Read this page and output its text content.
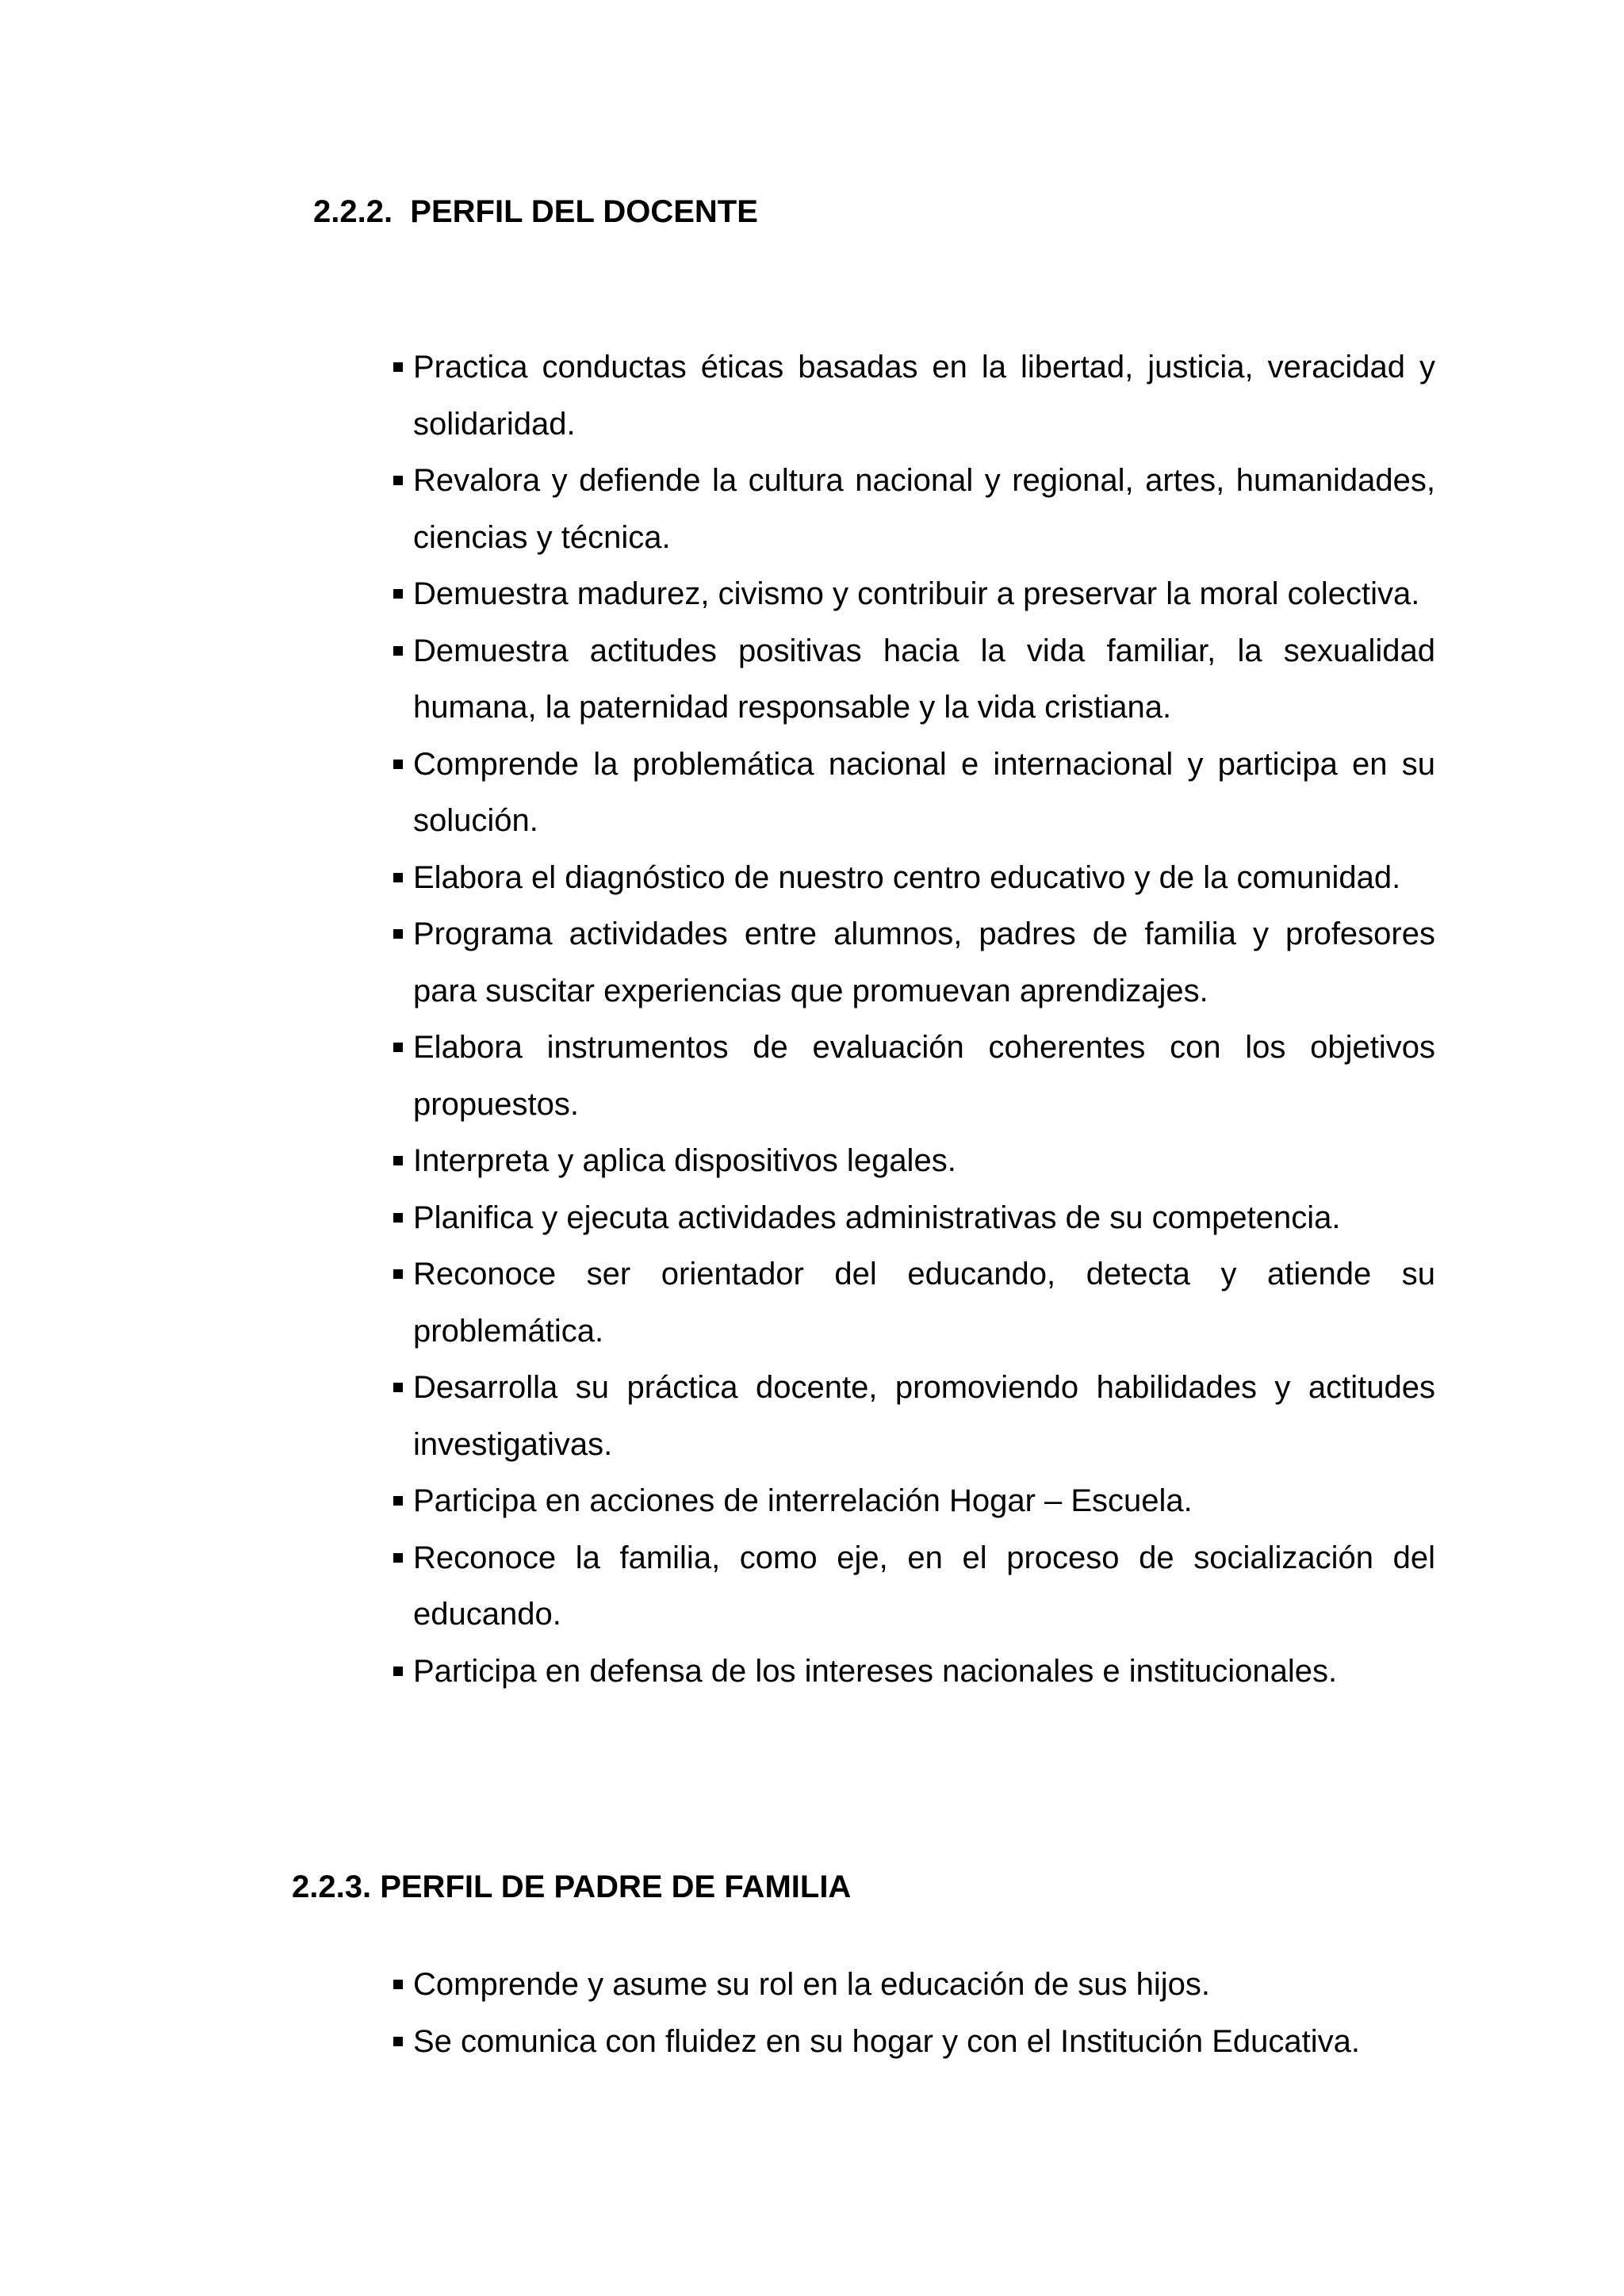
2.2.2.  PERFIL DEL DOCENTE
Practica conductas éticas basadas en la libertad, justicia, veracidad y solidaridad.
Revalora y defiende la cultura nacional y regional, artes, humanidades, ciencias y técnica.
Demuestra madurez, civismo y contribuir a preservar la moral colectiva.
Demuestra actitudes positivas hacia la vida familiar, la sexualidad humana, la paternidad responsable y la vida cristiana.
Comprende la problemática nacional e internacional y participa en su solución.
Elabora el diagnóstico de nuestro centro educativo y de la comunidad.
Programa actividades entre alumnos, padres de familia y profesores para suscitar experiencias que promuevan aprendizajes.
Elabora instrumentos de evaluación coherentes con los objetivos propuestos.
Interpreta y aplica dispositivos legales.
Planifica y ejecuta actividades administrativas de su competencia.
Reconoce ser orientador del educando, detecta y atiende su problemática.
Desarrolla su práctica docente, promoviendo habilidades y actitudes investigativas.
Participa en acciones de interrelación Hogar – Escuela.
Reconoce la familia, como eje, en el proceso de socialización del educando.
Participa en defensa de los intereses nacionales e institucionales.
2.2.3. PERFIL DE PADRE DE FAMILIA
Comprende y asume su rol en la educación de sus hijos.
Se comunica con fluidez en su hogar y con el Institución Educativa.
